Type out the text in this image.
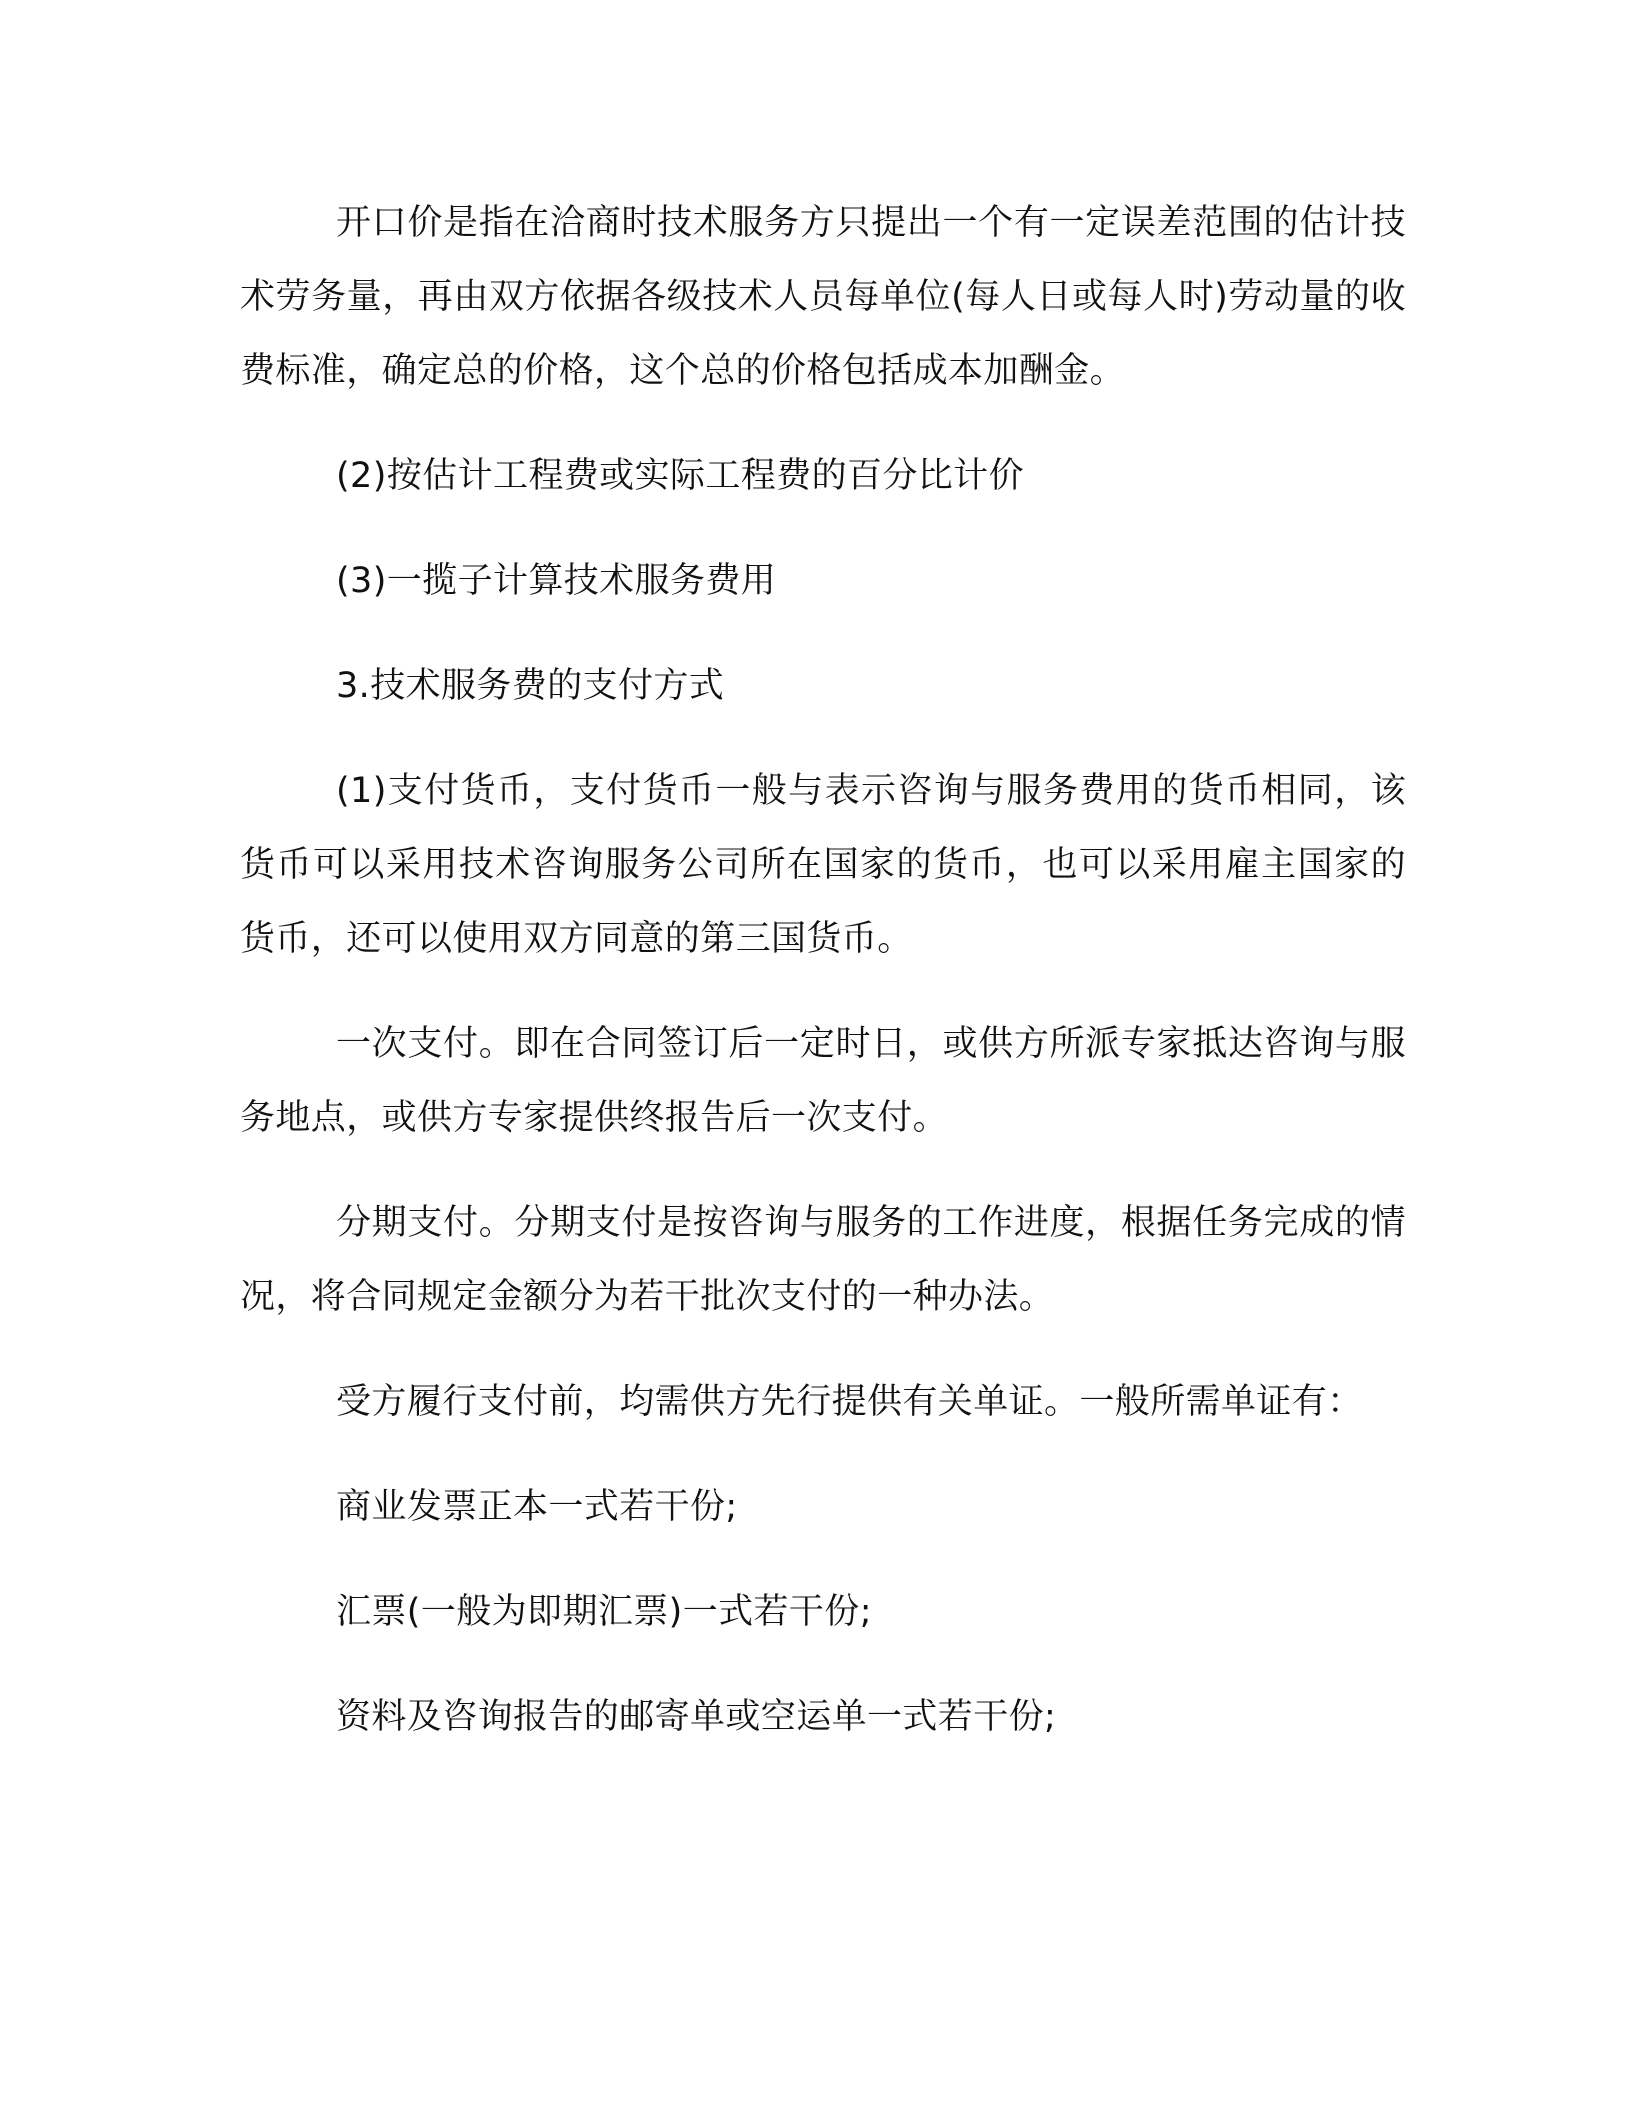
开口价是指在洽商时技术服务方只提出一个有一定误差范围的估计技术劳务量，再由双方依据各级技术人员每单位(每人日或每人时)劳动量的收费标准，确定总的价格，这个总的价格包括成本加酬金。

(2)按估计工程费或实际工程费的百分比计价

(3)一揽子计算技术服务费用

3.技术服务费的支付方式

(1)支付货币，支付货币一般与表示咨询与服务费用的货币相同，该货币可以采用技术咨询服务公司所在国家的货币，也可以采用雇主国家的货币，还可以使用双方同意的第三国货币。

一次支付。即在合同签订后一定时日，或供方所派专家抵达咨询与服务地点，或供方专家提供终报告后一次支付。

分期支付。分期支付是按咨询与服务的工作进度，根据任务完成的情况，将合同规定金额分为若干批次支付的一种办法。

受方履行支付前，均需供方先行提供有关单证。一般所需单证有：

商业发票正本一式若干份;

汇票(一般为即期汇票)一式若干份;

资料及咨询报告的邮寄单或空运单一式若干份;
